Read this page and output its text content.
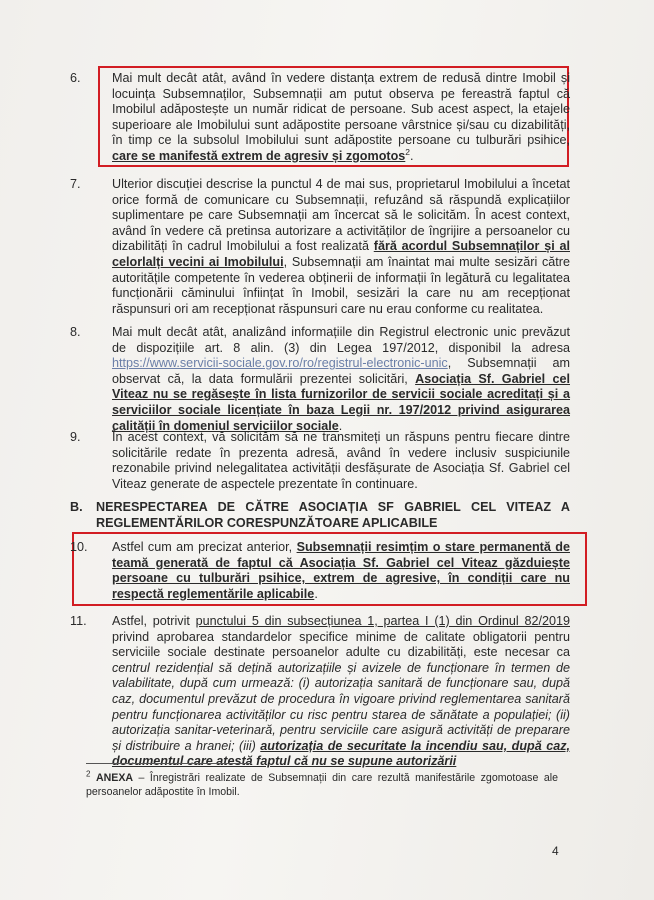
6.	Mai mult decât atât, având în vedere distanța extrem de redusă dintre Imobil și locuința Subsemnaților, Subsemnații am putut observa pe fereastră faptul că Imobilul adăpostește un număr ridicat de persoane. Sub acest aspect, la etajele superioare ale Imobilului sunt adăpostite persoane vârstnice și/sau cu dizabilități, în timp ce la subsolul Imobilului sunt adăpostite persoane cu tulburări psihice, care se manifestă extrem de agresiv și zgomotos$^2$.
7.	Ulterior discuției descrise la punctul 4 de mai sus, proprietarul Imobilului a încetat orice formă de comunicare cu Subsemnații, refuzând să răspundă explicațiilor suplimentare pe care Subsemnații am încercat să le solicităm. În acest context, având în vedere că pretinsa autorizare a activităților de îngrijire a persoanelor cu dizabilități în cadrul Imobilului a fost realizată fără acordul Subsemnaților și al celorlalți vecini ai Imobilului, Subsemnații am înaintat mai multe sesizări către autoritățile competente în vederea obținerii de informații în legătură cu legalitatea funcționării căminului înființat în Imobil, sesizări la care nu am recepționat răspunsuri ori am recepționat răspunsuri care nu erau conforme cu realitatea.
8.	Mai mult decât atât, analizând informațiile din Registrul electronic unic prevăzut de dispozițiile art. 8 alin. (3) din Legea 197/2012, disponibil la adresa https://www.servicii-sociale.gov.ro/ro/registrul-electronic-unic, Subsemnații am observat că, la data formulării prezentei solicitări, Asociația Sf. Gabriel cel Viteaz nu se regăsește în lista furnizorilor de servicii sociale acreditați și a serviciilor sociale licențiate în baza Legii nr. 197/2012 privind asigurarea calității în domeniul serviciilor sociale.
9.	În acest context, vă solicităm să ne transmiteți un răspuns pentru fiecare dintre solicitările redate în prezenta adresă, având în vedere inclusiv suspiciunile rezonabile privind nelegalitatea activității desfășurate de Asociația Sf. Gabriel cel Viteaz generate de aspectele prezentate în continuare.
B. NERESPECTAREA DE CĂTRE ASOCIAȚIA SF GABRIEL CEL VITEAZ A REGLEMENTĂRILOR CORESPUNZĂTOARE APLICABILE
10.	Astfel cum am precizat anterior, Subsemnații resimțim o stare permanentă de teamă generată de faptul că Asociația Sf. Gabriel cel Viteaz găzduiește persoane cu tulburări psihice, extrem de agresive, în condiții care nu respectă reglementările aplicabile.
11.	Astfel, potrivit punctului 5 din subsecțiunea 1, partea I (1) din Ordinul 82/2019 privind aprobarea standardelor specifice minime de calitate obligatorii pentru serviciile sociale destinate persoanelor adulte cu dizabilități, este necesar ca centrul rezidențial să dețină autorizațiile și avizele de funcționare în termen de valabilitate, după cum urmează: (i) autorizația sanitară de funcționare sau, după caz, documentul prevăzut de procedura în vigoare privind reglementarea sanitară pentru funcționarea activităților cu risc pentru starea de sănătate a populației; (ii) autorizația sanitar-veterinară, pentru serviciile care asigură activități de preparare și distribuire a hranei; (iii) autorizația de securitate la incendiu sau, după caz, documentul care atestă faptul că nu se supune autorizării
$^2$ ANEXA – Înregistrări realizate de Subsemnații din care rezultă manifestările zgomotoase ale persoanelor adăpostite în Imobil.
4
